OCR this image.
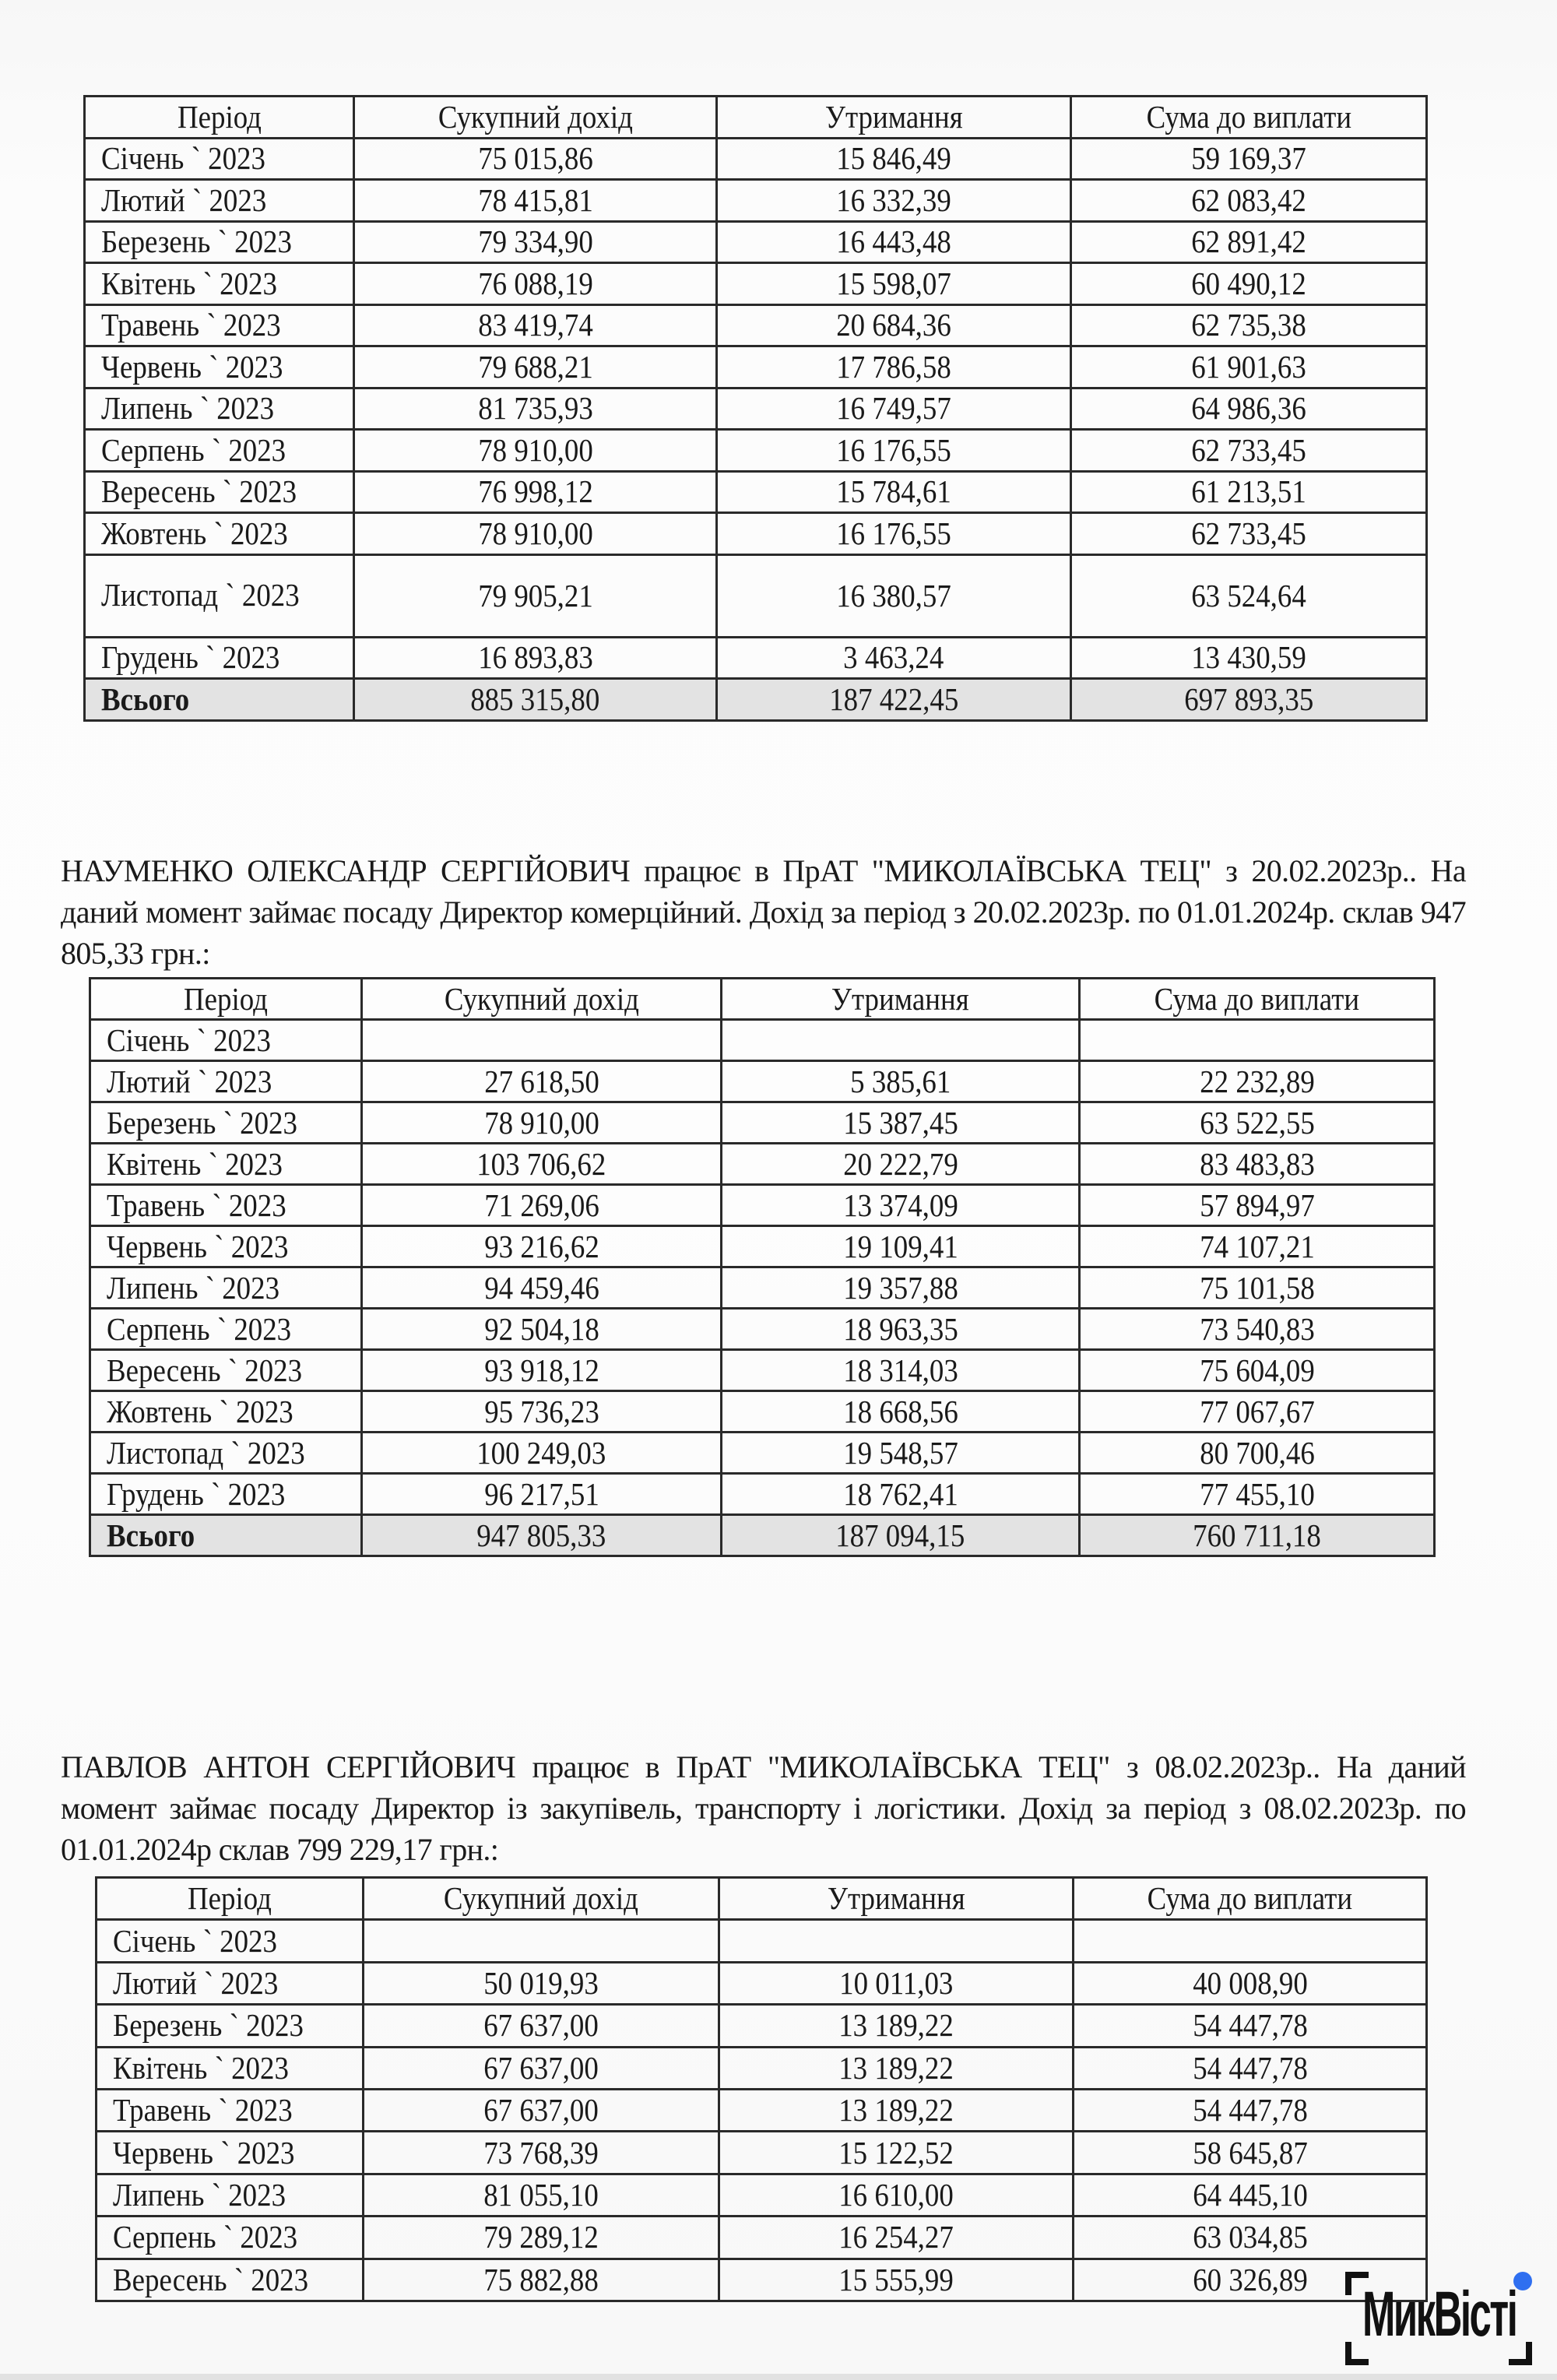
Період	Сукупний дохід	Утримання	Сума до виплати
Січень ` 2023	75 015,86	15 846,49	59 169,37
Лютий ` 2023	78 415,81	16 332,39	62 083,42
Березень ` 2023	79 334,90	16 443,48	62 891,42
Квітень ` 2023	76 088,19	15 598,07	60 490,12
Травень ` 2023	83 419,74	20 684,36	62 735,38
Червень ` 2023	79 688,21	17 786,58	61 901,63
Липень ` 2023	81 735,93	16 749,57	64 986,36
Серпень ` 2023	78 910,00	16 176,55	62 733,45
Вересень ` 2023	76 998,12	15 784,61	61 213,51
Жовтень ` 2023	78 910,00	16 176,55	62 733,45
Листопад ` 2023	79 905,21	16 380,57	63 524,64
Грудень ` 2023	16 893,83	3 463,24	13 430,59
Всього	885 315,80	187 422,45	697 893,35

НАУМЕНКО ОЛЕКСАНДР СЕРГІЙОВИЧ працює в ПрАТ "МИКОЛАЇВСЬКА ТЕЦ" з 20.02.2023р.. На даний момент займає посаду Директор комерційний. Дохід за період з 20.02.2023р. по 01.01.2024р. склав 947 805,33 грн.:

Період	Сукупний дохід	Утримання	Сума до виплати
Січень ` 2023			
Лютий ` 2023	27 618,50	5 385,61	22 232,89
Березень ` 2023	78 910,00	15 387,45	63 522,55
Квітень ` 2023	103 706,62	20 222,79	83 483,83
Травень ` 2023	71 269,06	13 374,09	57 894,97
Червень ` 2023	93 216,62	19 109,41	74 107,21
Липень ` 2023	94 459,46	19 357,88	75 101,58
Серпень ` 2023	92 504,18	18 963,35	73 540,83
Вересень ` 2023	93 918,12	18 314,03	75 604,09
Жовтень ` 2023	95 736,23	18 668,56	77 067,67
Листопад ` 2023	100 249,03	19 548,57	80 700,46
Грудень ` 2023	96 217,51	18 762,41	77 455,10
Всього	947 805,33	187 094,15	760 711,18

ПАВЛОВ АНТОН СЕРГІЙОВИЧ працює в ПрАТ "МИКОЛАЇВСЬКА ТЕЦ" з 08.02.2023р.. На даний момент займає посаду Директор із закупівель, транспорту і логістики. Дохід за період з 08.02.2023р. по 01.01.2024р склав 799 229,17 грн.:

Період	Сукупний дохід	Утримання	Сума до виплати
Січень ` 2023			
Лютий ` 2023	50 019,93	10 011,03	40 008,90
Березень ` 2023	67 637,00	13 189,22	54 447,78
Квітень ` 2023	67 637,00	13 189,22	54 447,78
Травень ` 2023	67 637,00	13 189,22	54 447,78
Червень ` 2023	73 768,39	15 122,52	58 645,87
Липень ` 2023	81 055,10	16 610,00	64 445,10
Серпень ` 2023	79 289,12	16 254,27	63 034,85
Вересень ` 2023	75 882,88	15 555,99	60 326,89 МикВісті
